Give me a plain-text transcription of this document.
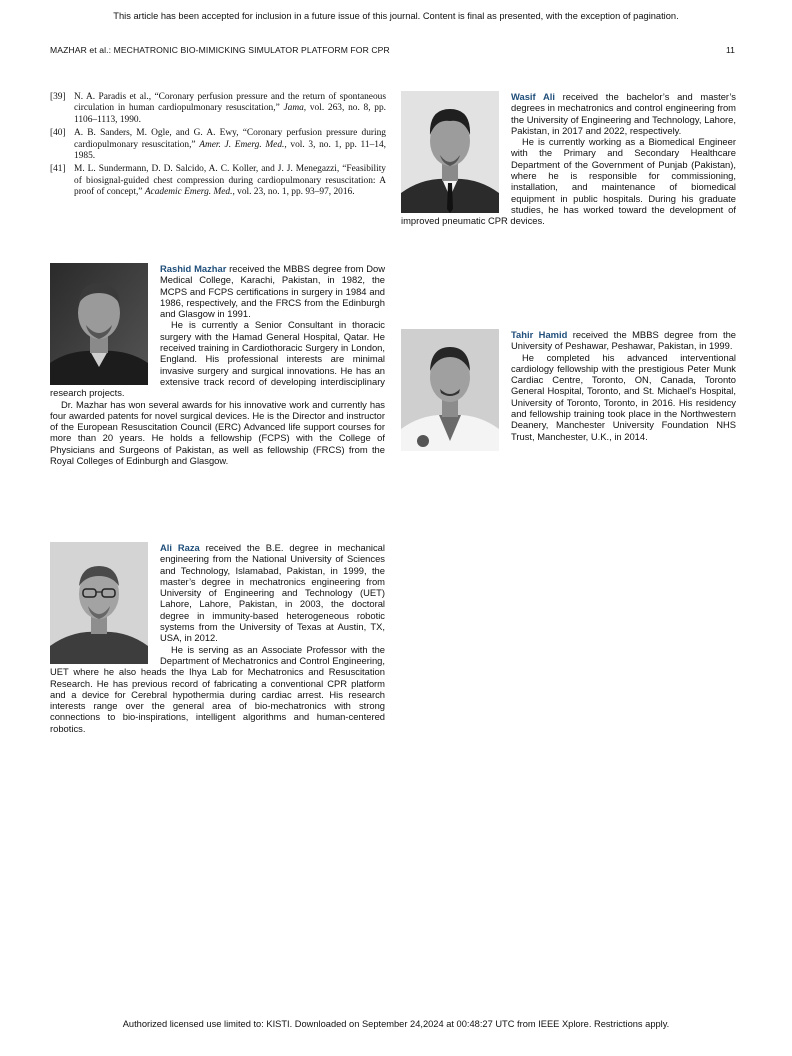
This article has been accepted for inclusion in a future issue of this journal. Content is final as presented, with the exception of pagination.
MAZHAR et al.: MECHATRONIC BIO-MIMICKING SIMULATOR PLATFORM FOR CPR	11
[39] N. A. Paradis et al., “Coronary perfusion pressure and the return of spontaneous circulation in human cardiopulmonary resuscitation,” Jama, vol. 263, no. 8, pp. 1106–1113, 1990.
[40] A. B. Sanders, M. Ogle, and G. A. Ewy, “Coronary perfusion pressure during cardiopulmonary resuscitation,” Amer. J. Emerg. Med., vol. 3, no. 1, pp. 11–14, 1985.
[41] M. L. Sundermann, D. D. Salcido, A. C. Koller, and J. J. Menegazzi, “Feasibility of biosignal-guided chest compression during cardiopulmonary resuscitation: A proof of concept,” Academic Emerg. Med., vol. 23, no. 1, pp. 93–97, 2016.

Rashid Mazhar received the MBBS degree from Dow Medical College, Karachi, Pakistan, in 1982, the MCPS and FCPS certifications in surgery in 1984 and 1986, respectively, and the FRCS from the Edinburgh and Glasgow in 1991.

He is currently a Senior Consultant in thoracic surgery with the Hamad General Hospital, Qatar. He received training in Cardiothoracic Surgery in London, England. His professional interests are minimal invasive surgery and surgical innovations. He has an extensive track record of developing interdisciplinary research projects.

Dr. Mazhar has won several awards for his innovative work and currently has four awarded patents for novel surgical devices. He is the Director and instructor of the European Resuscitation Council (ERC) Advanced life support courses for more than 20 years. He holds a fellowship (FCPS) with the College of Physicians and Surgeons of Pakistan, as well as fellowship (FRCS) from the Royal Colleges of Edinburgh and Glasgow.

Ali Raza received the B.E. degree in mechanical engineering from the National University of Sciences and Technology, Islamabad, Pakistan, in 1999, the master’s degree in mechatronics engineering from University of Engineering and Technology (UET) Lahore, Lahore, Pakistan, in 2003, the doctoral degree in immunity-based heterogeneous robotic systems from the University of Texas at Austin, TX, USA, in 2012.

He is serving as an Associate Professor with the Department of Mechatronics and Control Engineering, UET where he also heads the Ihya Lab for Mechatronics and Resuscitation Research. He has previous record of fabricating a conventional CPR platform and a device for Cerebral hypothermia during cardiac arrest. His research interests range over the general area of bio-mechatronics with strong connections to bio-inspirations, intelligent algorithms and human-centered robotics.

Wasif Ali received the bachelor’s and master’s degrees in mechatronics and control engineering from the University of Engineering and Technology, Lahore, Pakistan, in 2017 and 2022, respectively.

He is currently working as a Biomedical Engineer with the Primary and Secondary Healthcare Department of the Government of Punjab (Pakistan), where he is responsible for commissioning, installation, and maintenance of biomedical equipment in public hospitals. During his graduate studies, he has worked toward the development of improved pneumatic CPR devices.

Tahir Hamid received the MBBS degree from the University of Peshawar, Peshawar, Pakistan, in 1999.

He completed his advanced interventional cardiology fellowship with the prestigious Peter Munk Cardiac Centre, Toronto, ON, Canada, Toronto General Hospital, Toronto, and St. Michael’s Hospital, University of Toronto, Toronto, in 2016. His residency and fellowship training took place in the Northwestern Deanery, Manchester University Foundation NHS Trust, Manchester, U.K., in 2014.

Authorized licensed use limited to: KISTI. Downloaded on September 24,2024 at 00:48:27 UTC from IEEE Xplore. Restrictions apply.
